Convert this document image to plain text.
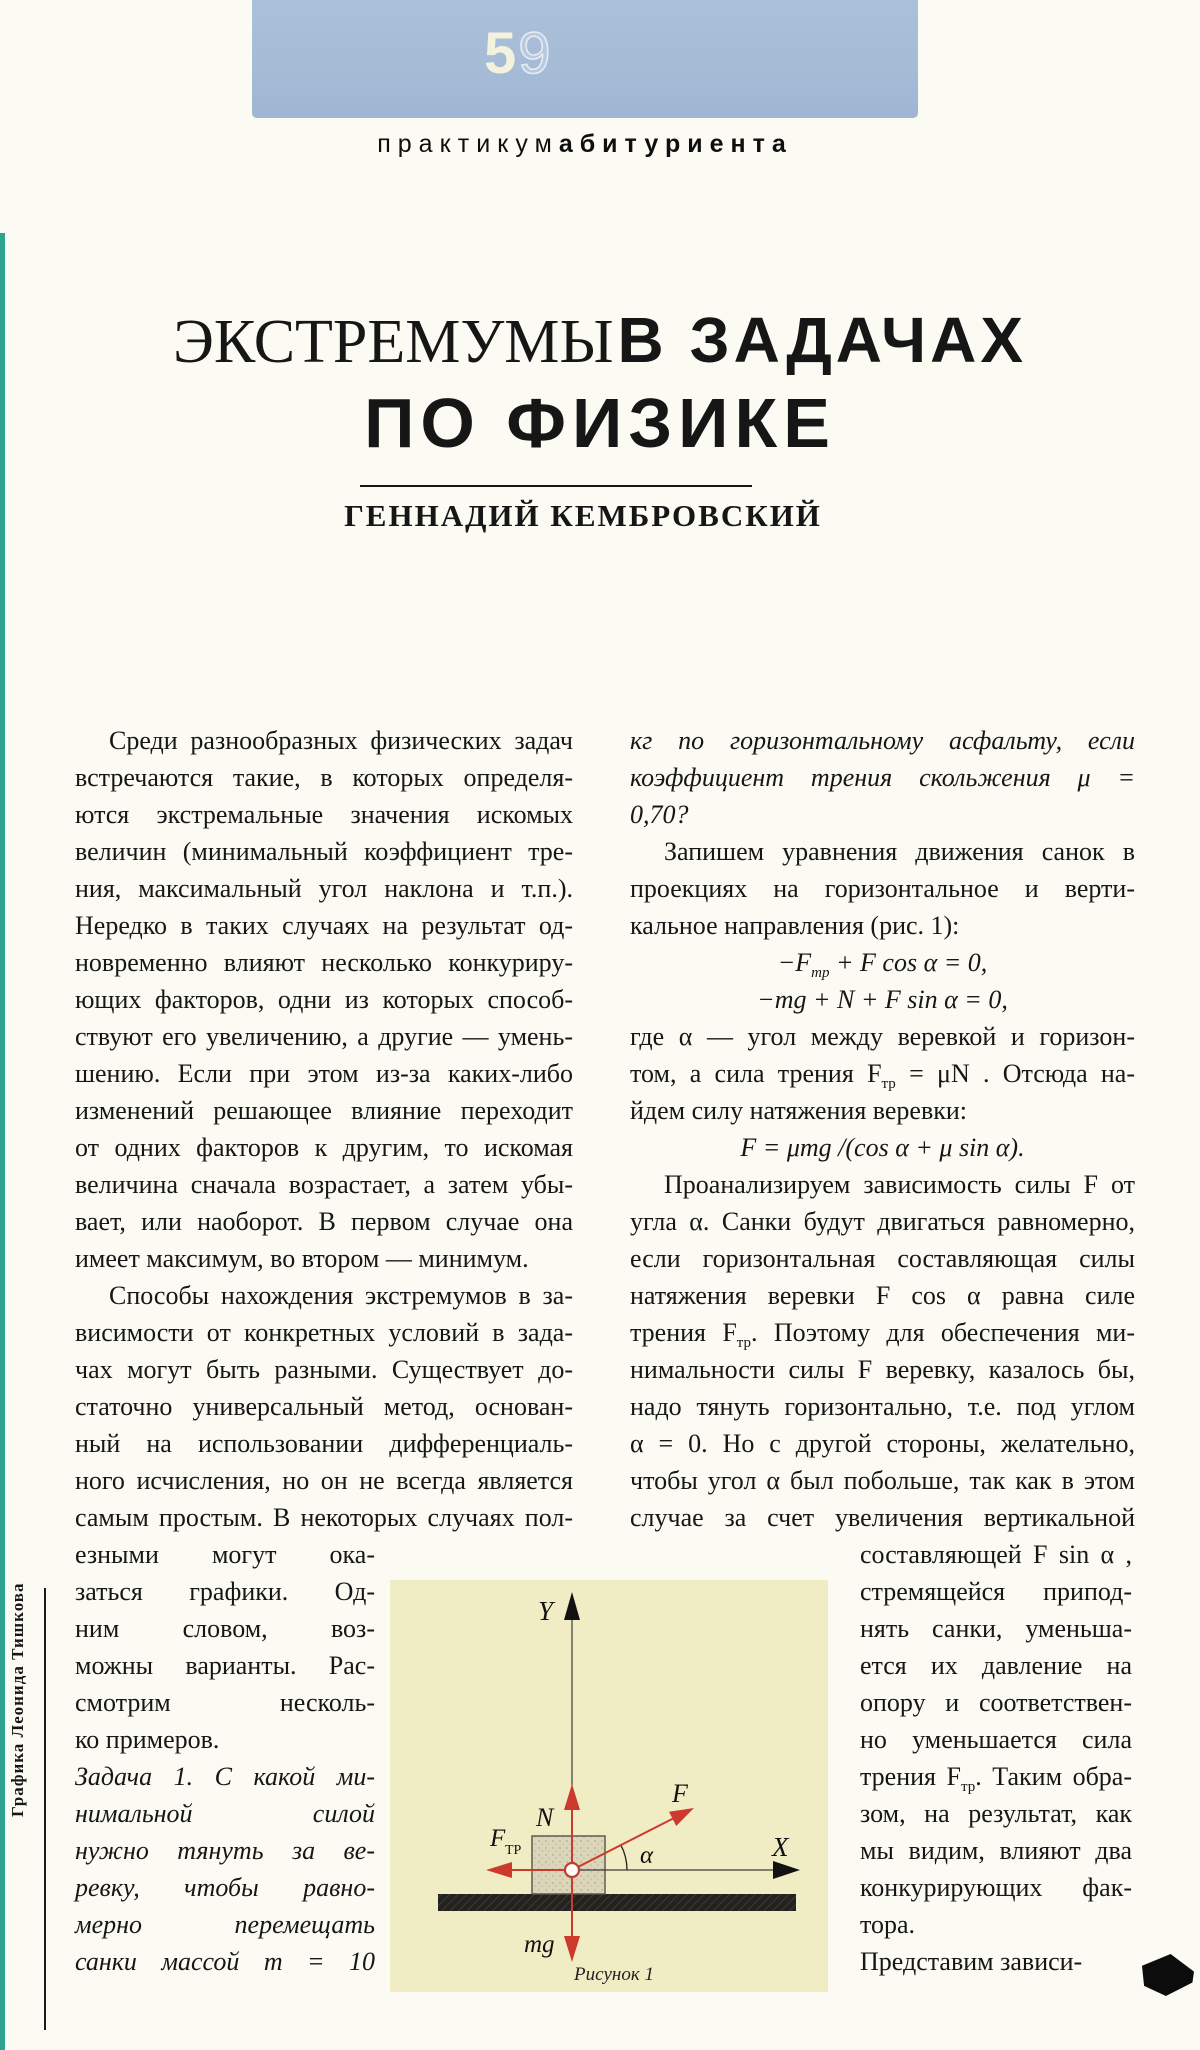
59
практикумабитуриента
ЭКСТРЕМУМЫ В ЗАДАЧАХ
ПО ФИЗИКЕ
ГЕННАДИЙ КЕМБРОВСКИЙ
Среди разнообразных физических задач
встречаются такие, в которых определя-
ются экстремальные значения искомых
величин (минимальный коэффициент тре-
ния, максимальный угол наклона и т.п.).
Нередко в таких случаях на результат од-
новременно влияют несколько конкуриру-
ющих факторов, одни из которых способ-
ствуют его увеличению, а другие — умень-
шению. Если при этом из-за каких-либо
изменений решающее влияние переходит
от одних факторов к другим, то искомая
величина сначала возрастает, а затем убы-
вает, или наоборот. В первом случае она
имеет максимум, во втором — минимум.
Способы нахождения экстремумов в за-
висимости от конкретных условий в зада-
чах могут быть разными. Существует до-
статочно универсальный метод, основан-
ный на использовании дифференциаль-
ного исчисления, но он не всегда является
самым простым. В некоторых случаях пол-
езными могут ока-
заться графики. Од-
ним словом, воз-
можны варианты. Рас-
смотрим несколь-
ко примеров.
Задача 1. С какой ми-
нимальной силой
нужно тянуть за ве-
ревку, чтобы равно-
мерно перемещать
санки массой m = 10
кг по горизонтальному асфальту, если
коэффициент трения скольжения μ =
0,70?
Запишем уравнения движения санок в
проекциях на горизонтальное и верти-
кальное направления (рис. 1):
$-F_{тр} + F$ cos α = 0,
−mg + N + F sin α = 0,
где α — угол между веревкой и горизон-
том, а сила трения $F_{тр} = \mu N$ . Отсюда на-
йдем силу натяжения веревки:
F = μmg /(cos α + μ sin α).
Проанализируем зависимость силы F от
угла α. Санки будут двигаться равномерно,
если горизонтальная составляющая силы
натяжения веревки F cos α равна силе
трения $F_{тр}$. Поэтому для обеспечения ми-
нимальности силы F веревку, казалось бы,
надо тянуть горизонтально, т.е. под углом
α = 0. Но с другой стороны, желательно,
чтобы угол α был побольше, так как в этом
случае за счет увеличения вертикальной
составляющей F sin α ,
стремящейся припод-
нять санки, уменьша-
ется их давление на
опору и соответствен-
но уменьшается сила
трения $F_{тр}$. Таким обра-
зом, на результат, как
мы видим, влияют два
конкурирующих фак-
тора.
Представим зависи-
Y
X
α
F
N
F ТР
mg
Рисунок 1
Графика Леонида Тишкова
